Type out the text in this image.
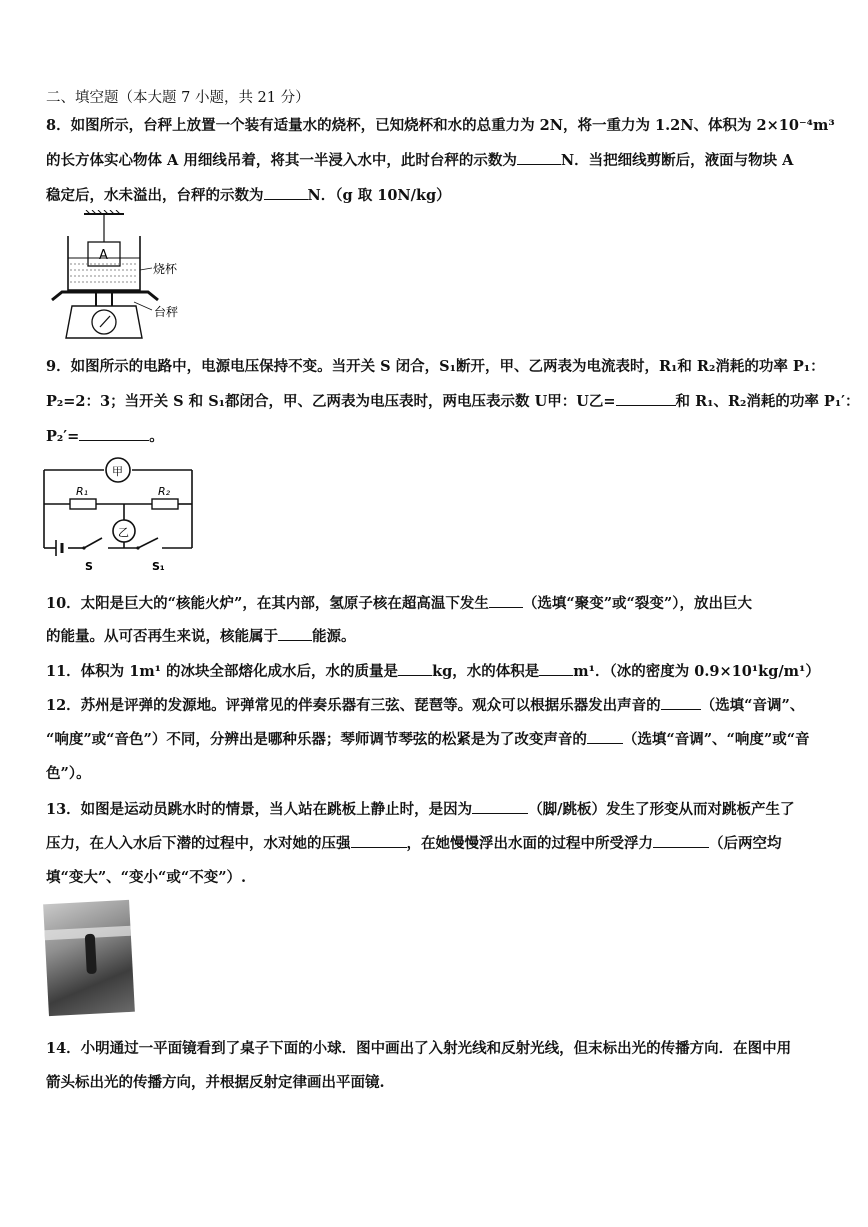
二、填空题（本大题 7 小题，共 21 分）
8．如图所示，台秤上放置一个装有适量水的烧杯，已知烧杯和水的总重力为 2N，将一重力为 1.2N、体积为 2×10⁻⁴m³
的长方体实心物体 A 用细线吊着，将其一半浸入水中，此时台秤的示数为	N．当把细线剪断后，液面与物块 A
稳定后，水未溢出，台秤的示数为	N．（g 取 10N/kg）
A
烧杯
台秤
9．如图所示的电路中，电源电压保持不变。当开关 S 闭合，S₁断开，甲、乙两表为电流表时，R₁和 R₂消耗的功率 P₁：
P₂=2：3；当开关 S 和 S₁都闭合，甲、乙两表为电压表时，两电压表示数 U甲：U乙=	和 R₁、R₂消耗的功率 P₁′：
P₂′=	。
甲
R₁	R₂
乙
S	S₁
10．太阳是巨大的“核能火炉”，在其内部，氢原子核在超高温下发生 （选填“聚变”或“裂变”），放出巨大
的能量。从可否再生来说，核能属于 能源。
11．体积为 1m¹ 的冰块全部熔化成水后，水的质量是 kg，水的体积是 m¹．（冰的密度为 0.9×10¹kg/m¹）
12．苏州是评弹的发源地。评弹常见的伴奏乐器有三弦、琵琶等。观众可以根据乐器发出声音的	（选填“音调”、
“响度”或“音色”）不同，分辨出是哪种乐器；琴师调节琴弦的松紧是为了改变声音的 （选填“音调”、“响度”或“音
色”）。
13．如图是运动员跳水时的情景，当人站在跳板上静止时，是因为	（脚/跳板）发生了形变从而对跳板产生了
压力，在人入水后下潜的过程中，水对她的压强	，在她慢慢浮出水面的过程中所受浮力	（后两空均
填“变大”、“变小“或“不变”）.
14．小明通过一平面镜看到了桌子下面的小球．图中画出了入射光线和反射光线，但末标出光的传播方向．在图中用
箭头标出光的传播方向，并根据反射定律画出平面镜.
